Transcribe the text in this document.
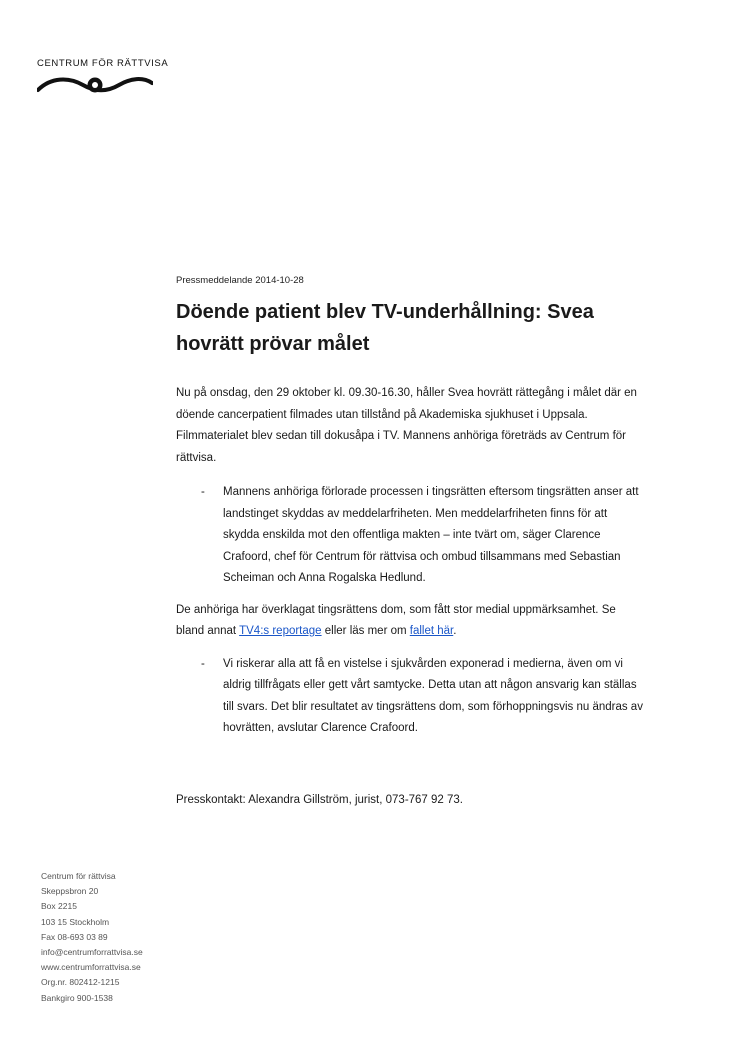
CENTRUM FÖR RÄTTVISA

Pressmeddelande 2014-10-28

Döende patient blev TV-underhållning: Svea hovrätt prövar målet

Nu på onsdag, den 29 oktober kl. 09.30-16.30, håller Svea hovrätt rättegång i målet där en döende cancerpatient filmades utan tillstånd på Akademiska sjukhuset i Uppsala. Filmmaterialet blev sedan till dokusåpa i TV. Mannens anhöriga företräds av Centrum för rättvisa.

- Mannens anhöriga förlorade processen i tingsrätten eftersom tingsrätten anser att landstinget skyddas av meddelarfriheten. Men meddelarfriheten finns för att skydda enskilda mot den offentliga makten – inte tvärt om, säger Clarence Crafoord, chef för Centrum för rättvisa och ombud tillsammans med Sebastian Scheiman och Anna Rogalska Hedlund.

De anhöriga har överklagat tingsrättens dom, som fått stor medial uppmärksamhet. Se bland annat TV4:s reportage eller läs mer om fallet här.

- Vi riskerar alla att få en vistelse i sjukvården exponerad i medierna, även om vi aldrig tillfrågats eller gett vårt samtycke. Detta utan att någon ansvarig kan ställas till svars. Det blir resultatet av tingsrättens dom, som förhoppningsvis nu ändras av hovrätten, avslutar Clarence Crafoord.

Presskontakt: Alexandra Gillström, jurist, 073-767 92 73.

Centrum för rättvisa
Skeppsbron 20
Box 2215
103 15 Stockholm
Fax 08-693 03 89
info@centrumforrattvisa.se
www.centrumforrattvisa.se
Org.nr. 802412-1215
Bankgiro 900-1538
